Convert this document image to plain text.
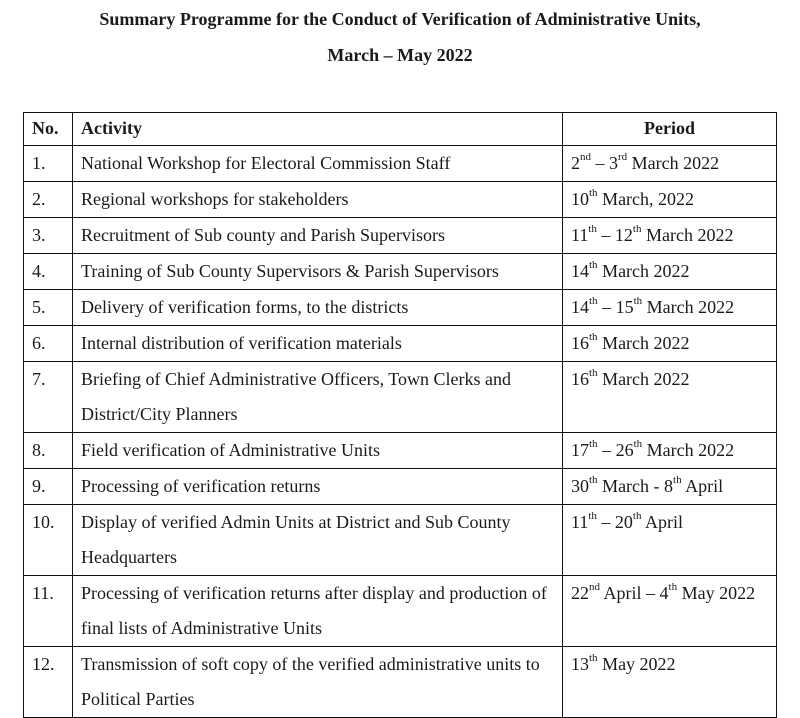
Summary Programme for the Conduct of Verification of Administrative Units,
March – May 2022
No.	Activity	Period
1.	National Workshop for Electoral Commission Staff	2nd – 3rd March 2022
2.	Regional workshops for stakeholders	10th March, 2022
3.	Recruitment of Sub county and Parish Supervisors	11th – 12th March 2022
4.	Training of Sub County Supervisors & Parish Supervisors	14th March 2022
5.	Delivery of verification forms, to the districts	14th – 15th March 2022
6.	Internal distribution of verification materials	16th March 2022
7.	Briefing of Chief Administrative Officers, Town Clerks and District/City Planners	16th March 2022
8.	Field verification of Administrative Units	17th – 26th March 2022
9.	Processing of verification returns	30th March - 8th April
10.	Display of verified Admin Units at District and Sub County Headquarters	11th – 20th April
11.	Processing of verification returns after display and production of final lists of Administrative Units	22nd April – 4th May 2022
12.	Transmission of soft copy of the verified administrative units to Political Parties	13th May 2022
